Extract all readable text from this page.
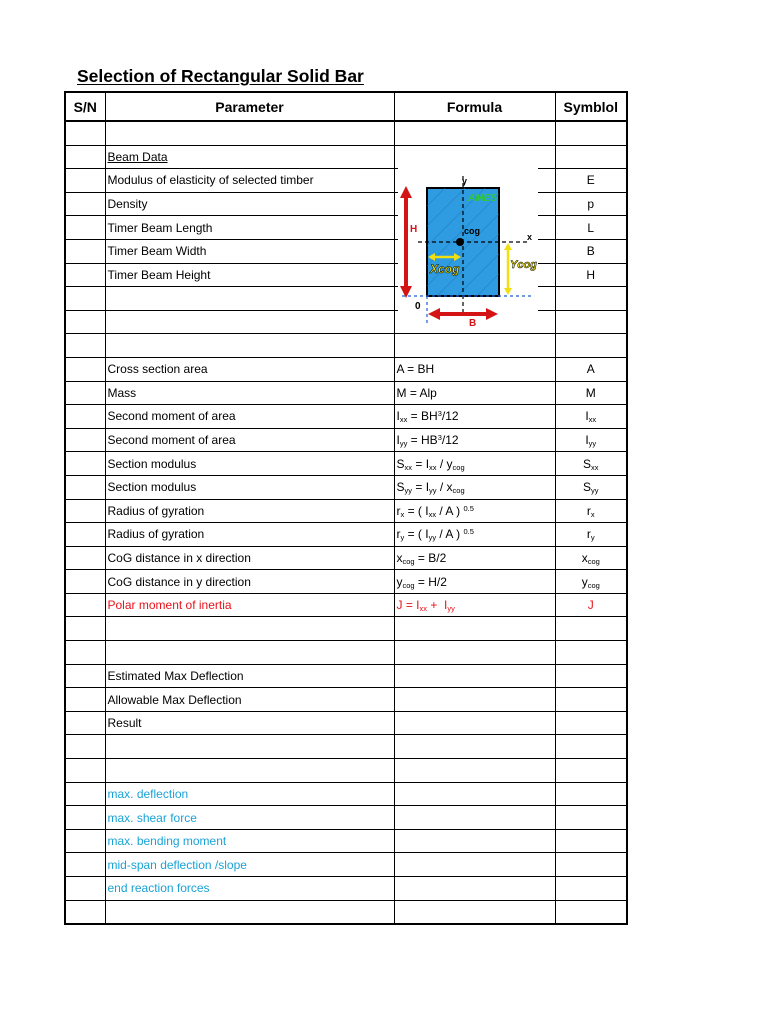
Selection of Rectangular Solid Bar
S/N	Parameter	Formula	Symblol

	Beam Data		
	Modulus of elasticity of selected timber		E
	Density		p
	Timer Beam Length		L
	Timer Beam Width		B
	Timer Beam Height		H

	Cross section area	A = BH	A
	Mass	M = Alp	M
	Second moment of area	$I_{xx} = BH^3/12$	$I_{xx}$
	Second moment of area	$I_{yy} = HB^3/12$	$I_{yy}$
	Section modulus	$S_{xx} = I_{xx} / y_{cog}$	$S_{xx}$
	Section modulus	$S_{yy} = I_{yy} / x_{cog}$	$S_{yy}$
	Radius of gyration	$r_x$ = ( $I_{xx}$ / A ) $^{0.5}$	$r_x$
	Radius of gyration	$r_y$ = ( $I_{yy}$ / A ) $^{0.5}$	$r_y$
	CoG distance in x direction	$x_{cog} = B/2$	$x_{cog}$
	CoG distance in y direction	$y_{cog} = H/2$	$y_{cog}$
	Polar moment of inertia	$J = I_{xx} + I_{yy}$	J

	Estimated Max Deflection		
	Allowable Max Deflection		
	Result		

	max. deflection		
	max. shear force		
	max. bending moment		
	mid-span deflection /slope		
	end reaction forces		

y
x
AMES
cog
H
B
0
Xcog	Ycog
